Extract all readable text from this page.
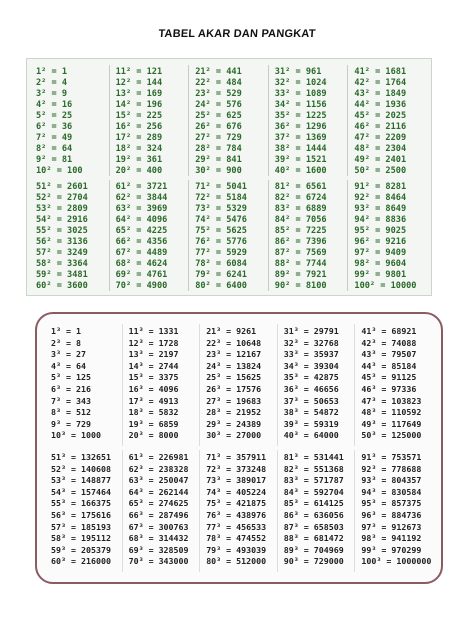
TABEL AKAR DAN PANGKAT
1² = 1
2² = 4
3² = 9
4² = 16
5² = 25
6² = 36
7² = 49
8² = 64
9² = 81
10² = 100
11² = 121
12² = 144
13² = 169
14² = 196
15² = 225
16² = 256
17² = 289
18² = 324
19² = 361
20² = 400
21² = 441
22² = 484
23² = 529
24² = 576
25² = 625
26² = 676
27² = 729
28² = 784
29² = 841
30² = 900
31² = 961
32² = 1024
33² = 1089
34² = 1156
35² = 1225
36² = 1296
37² = 1369
38² = 1444
39² = 1521
40² = 1600
41² = 1681
42² = 1764
43² = 1849
44² = 1936
45² = 2025
46² = 2116
47² = 2209
48² = 2304
49² = 2401
50² = 2500
51² = 2601
52² = 2704
53² = 2809
54² = 2916
55² = 3025
56² = 3136
57² = 3249
58² = 3364
59² = 3481
60² = 3600
61² = 3721
62² = 3844
63² = 3969
64² = 4096
65² = 4225
66² = 4356
67² = 4489
68² = 4624
69² = 4761
70² = 4900
71² = 5041
72² = 5184
73² = 5329
74² = 5476
75² = 5625
76² = 5776
77² = 5929
78² = 6084
79² = 6241
80² = 6400
81² = 6561
82² = 6724
83² = 6889
84² = 7056
85² = 7225
86² = 7396
87² = 7569
88² = 7744
89² = 7921
90² = 8100
91² = 8281
92² = 8464
93² = 8649
94² = 8836
95² = 9025
96² = 9216
97² = 9409
98² = 9604
99² = 9801
100² = 10000
1³ = 1
2³ = 8
3³ = 27
4³ = 64
5³ = 125
6³ = 216
7³ = 343
8³ = 512
9³ = 729
10³ = 1000
11³ = 1331
12³ = 1728
13³ = 2197
14³ = 2744
15³ = 3375
16³ = 4096
17³ = 4913
18³ = 5832
19³ = 6859
20³ = 8000
21³ = 9261
22³ = 10648
23³ = 12167
24³ = 13824
25³ = 15625
26³ = 17576
27³ = 19683
28³ = 21952
29³ = 24389
30³ = 27000
31³ = 29791
32³ = 32768
33³ = 35937
34³ = 39304
35³ = 42875
36³ = 46656
37³ = 50653
38³ = 54872
39³ = 59319
40³ = 64000
41³ = 68921
42³ = 74088
43³ = 79507
44³ = 85184
45³ = 91125
46³ = 97336
47³ = 103823
48³ = 110592
49³ = 117649
50³ = 125000
51³ = 132651
52³ = 140608
53³ = 148877
54³ = 157464
55³ = 166375
56³ = 175616
57³ = 185193
58³ = 195112
59³ = 205379
60³ = 216000
61³ = 226981
62³ = 238328
63³ = 250047
64³ = 262144
65³ = 274625
66³ = 287496
67³ = 300763
68³ = 314432
69³ = 328509
70³ = 343000
71³ = 357911
72³ = 373248
73³ = 389017
74³ = 405224
75³ = 421875
76³ = 438976
77³ = 456533
78³ = 474552
79³ = 493039
80³ = 512000
81³ = 531441
82³ = 551368
83³ = 571787
84³ = 592704
85³ = 614125
86³ = 636056
87³ = 658503
88³ = 681472
89³ = 704969
90³ = 729000
91³ = 753571
92³ = 778688
93³ = 804357
94³ = 830584
95³ = 857375
96³ = 884736
97³ = 912673
98³ = 941192
99³ = 970299
100³ = 1000000
